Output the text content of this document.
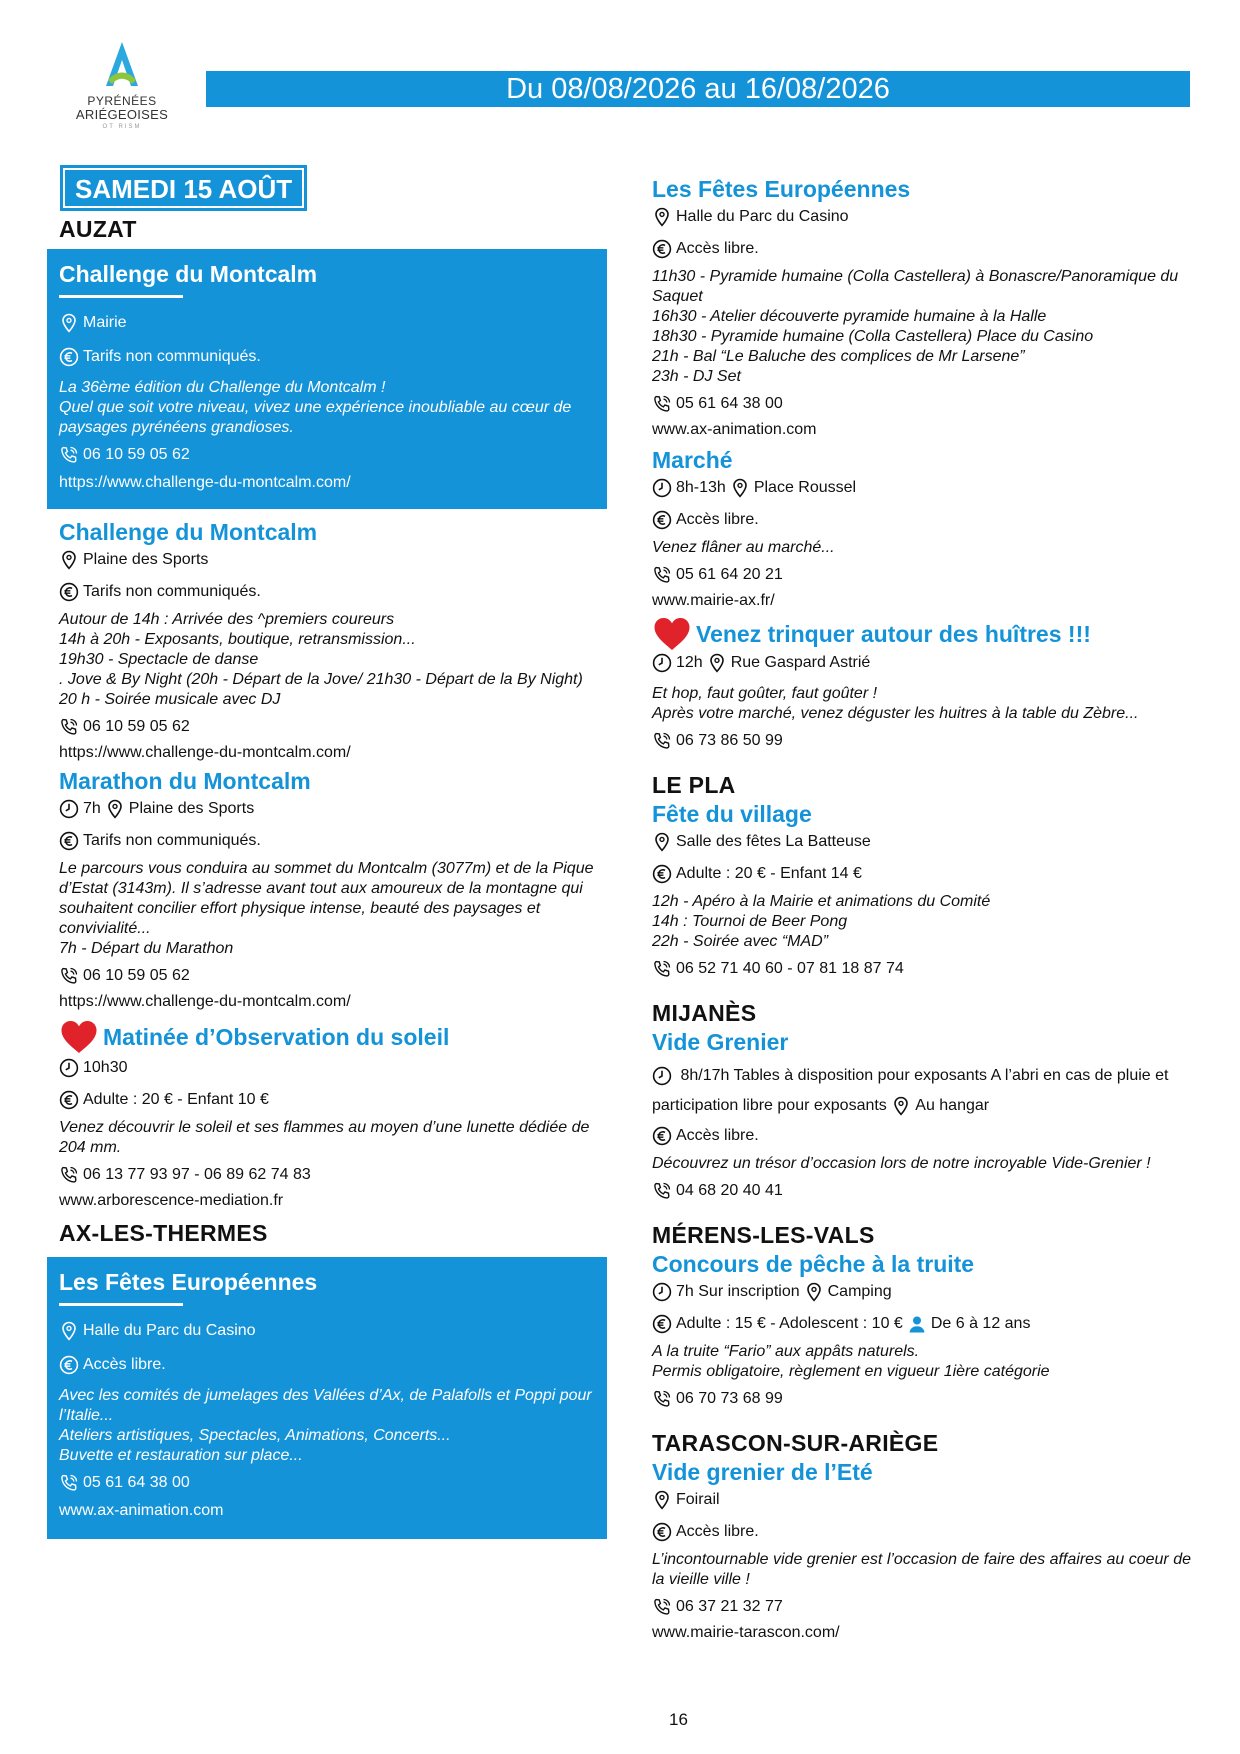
PYRÉNÉES
ARIÉGEOISES
OT RISM
Du 08/08/2026 au 16/08/2026
SAMEDI 15 AOÛT
AUZAT
Challenge du Montcalm
Mairie
Tarifs non communiqués.
La 36ème édition du Challenge du Montcalm !
Quel que soit votre niveau, vivez une expérience inoubliable au cœur de
paysages pyrénéens grandioses.
06 10 59 05 62
https://www.challenge-du-montcalm.com/
Challenge du Montcalm
Plaine des Sports
Tarifs non communiqués.
Autour de 14h : Arrivée des ^premiers coureurs
14h à 20h - Exposants, boutique, retransmission...
19h30 - Spectacle de danse
. Jove & By Night (20h - Départ de la Jove/ 21h30 - Départ de la By Night)
20 h - Soirée musicale avec DJ
06 10 59 05 62
https://www.challenge-du-montcalm.com/
Marathon du Montcalm
7h Plaine des Sports
Tarifs non communiqués.
Le parcours vous conduira au sommet du Montcalm (3077m) et de la Pique
d’Estat (3143m). Il s’adresse avant tout aux amoureux de la montagne qui
souhaitent concilier effort physique intense, beauté des paysages et
convivialité...
7h - Départ du Marathon
06 10 59 05 62
https://www.challenge-du-montcalm.com/
Matinée d’Observation du soleil
10h30
Adulte : 20 € - Enfant 10 €
Venez découvrir le soleil et ses flammes au moyen d’une lunette dédiée de
204 mm.
06 13 77 93 97 - 06 89 62 74 83
www.arborescence-mediation.fr
AX-LES-THERMES
Les Fêtes Européennes
Halle du Parc du Casino
Accès libre.
Avec les comités de jumelages des Vallées d’Ax, de Palafolls et Poppi pour
l’Italie...
Ateliers artistiques, Spectacles, Animations, Concerts...
Buvette et restauration sur place...
05 61 64 38 00
www.ax-animation.com
Les Fêtes Européennes
Halle du Parc du Casino
Accès libre.
11h30 - Pyramide humaine (Colla Castellera) à Bonascre/Panoramique du
Saquet
16h30 - Atelier découverte pyramide humaine à la Halle
18h30 - Pyramide humaine (Colla Castellera) Place du Casino
21h - Bal “Le Baluche des complices de Mr Larsene”
23h - DJ Set
05 61 64 38 00
www.ax-animation.com
Marché
8h-13h Place Roussel
Accès libre.
Venez flâner au marché...
05 61 64 20 21
www.mairie-ax.fr/
Venez trinquer autour des huîtres !!!
12h Rue Gaspard Astrié
Et hop, faut goûter, faut goûter !
Après votre marché, venez déguster les huitres à la table du Zèbre...
06 73 86 50 99
LE PLA
Fête du village
Salle des fêtes La Batteuse
Adulte : 20 € - Enfant 14 €
12h - Apéro à la Mairie et animations du Comité
14h : Tournoi de Beer Pong
22h - Soirée avec “MAD”
06 52 71 40 60 - 07 81 18 87 74
MIJANÈS
Vide Grenier
8h/17h Tables à disposition pour exposants A l’abri en cas de pluie et
participation libre pour exposants Au hangar
Accès libre.
Découvrez un trésor d’occasion lors de notre incroyable Vide-Grenier !
04 68 20 40 41
MÉRENS-LES-VALS
Concours de pêche à la truite
7h Sur inscription Camping
Adulte : 15 € - Adolescent : 10 € De 6 à 12 ans
A la truite “Fario” aux appâts naturels.
Permis obligatoire, règlement en vigueur 1ière catégorie
06 70 73 68 99
TARASCON-SUR-ARIÈGE
Vide grenier de l’Eté
Foirail
Accès libre.
L’incontournable vide grenier est l’occasion de faire des affaires au coeur de
la vieille ville !
06 37 21 32 77
www.mairie-tarascon.com/
16
